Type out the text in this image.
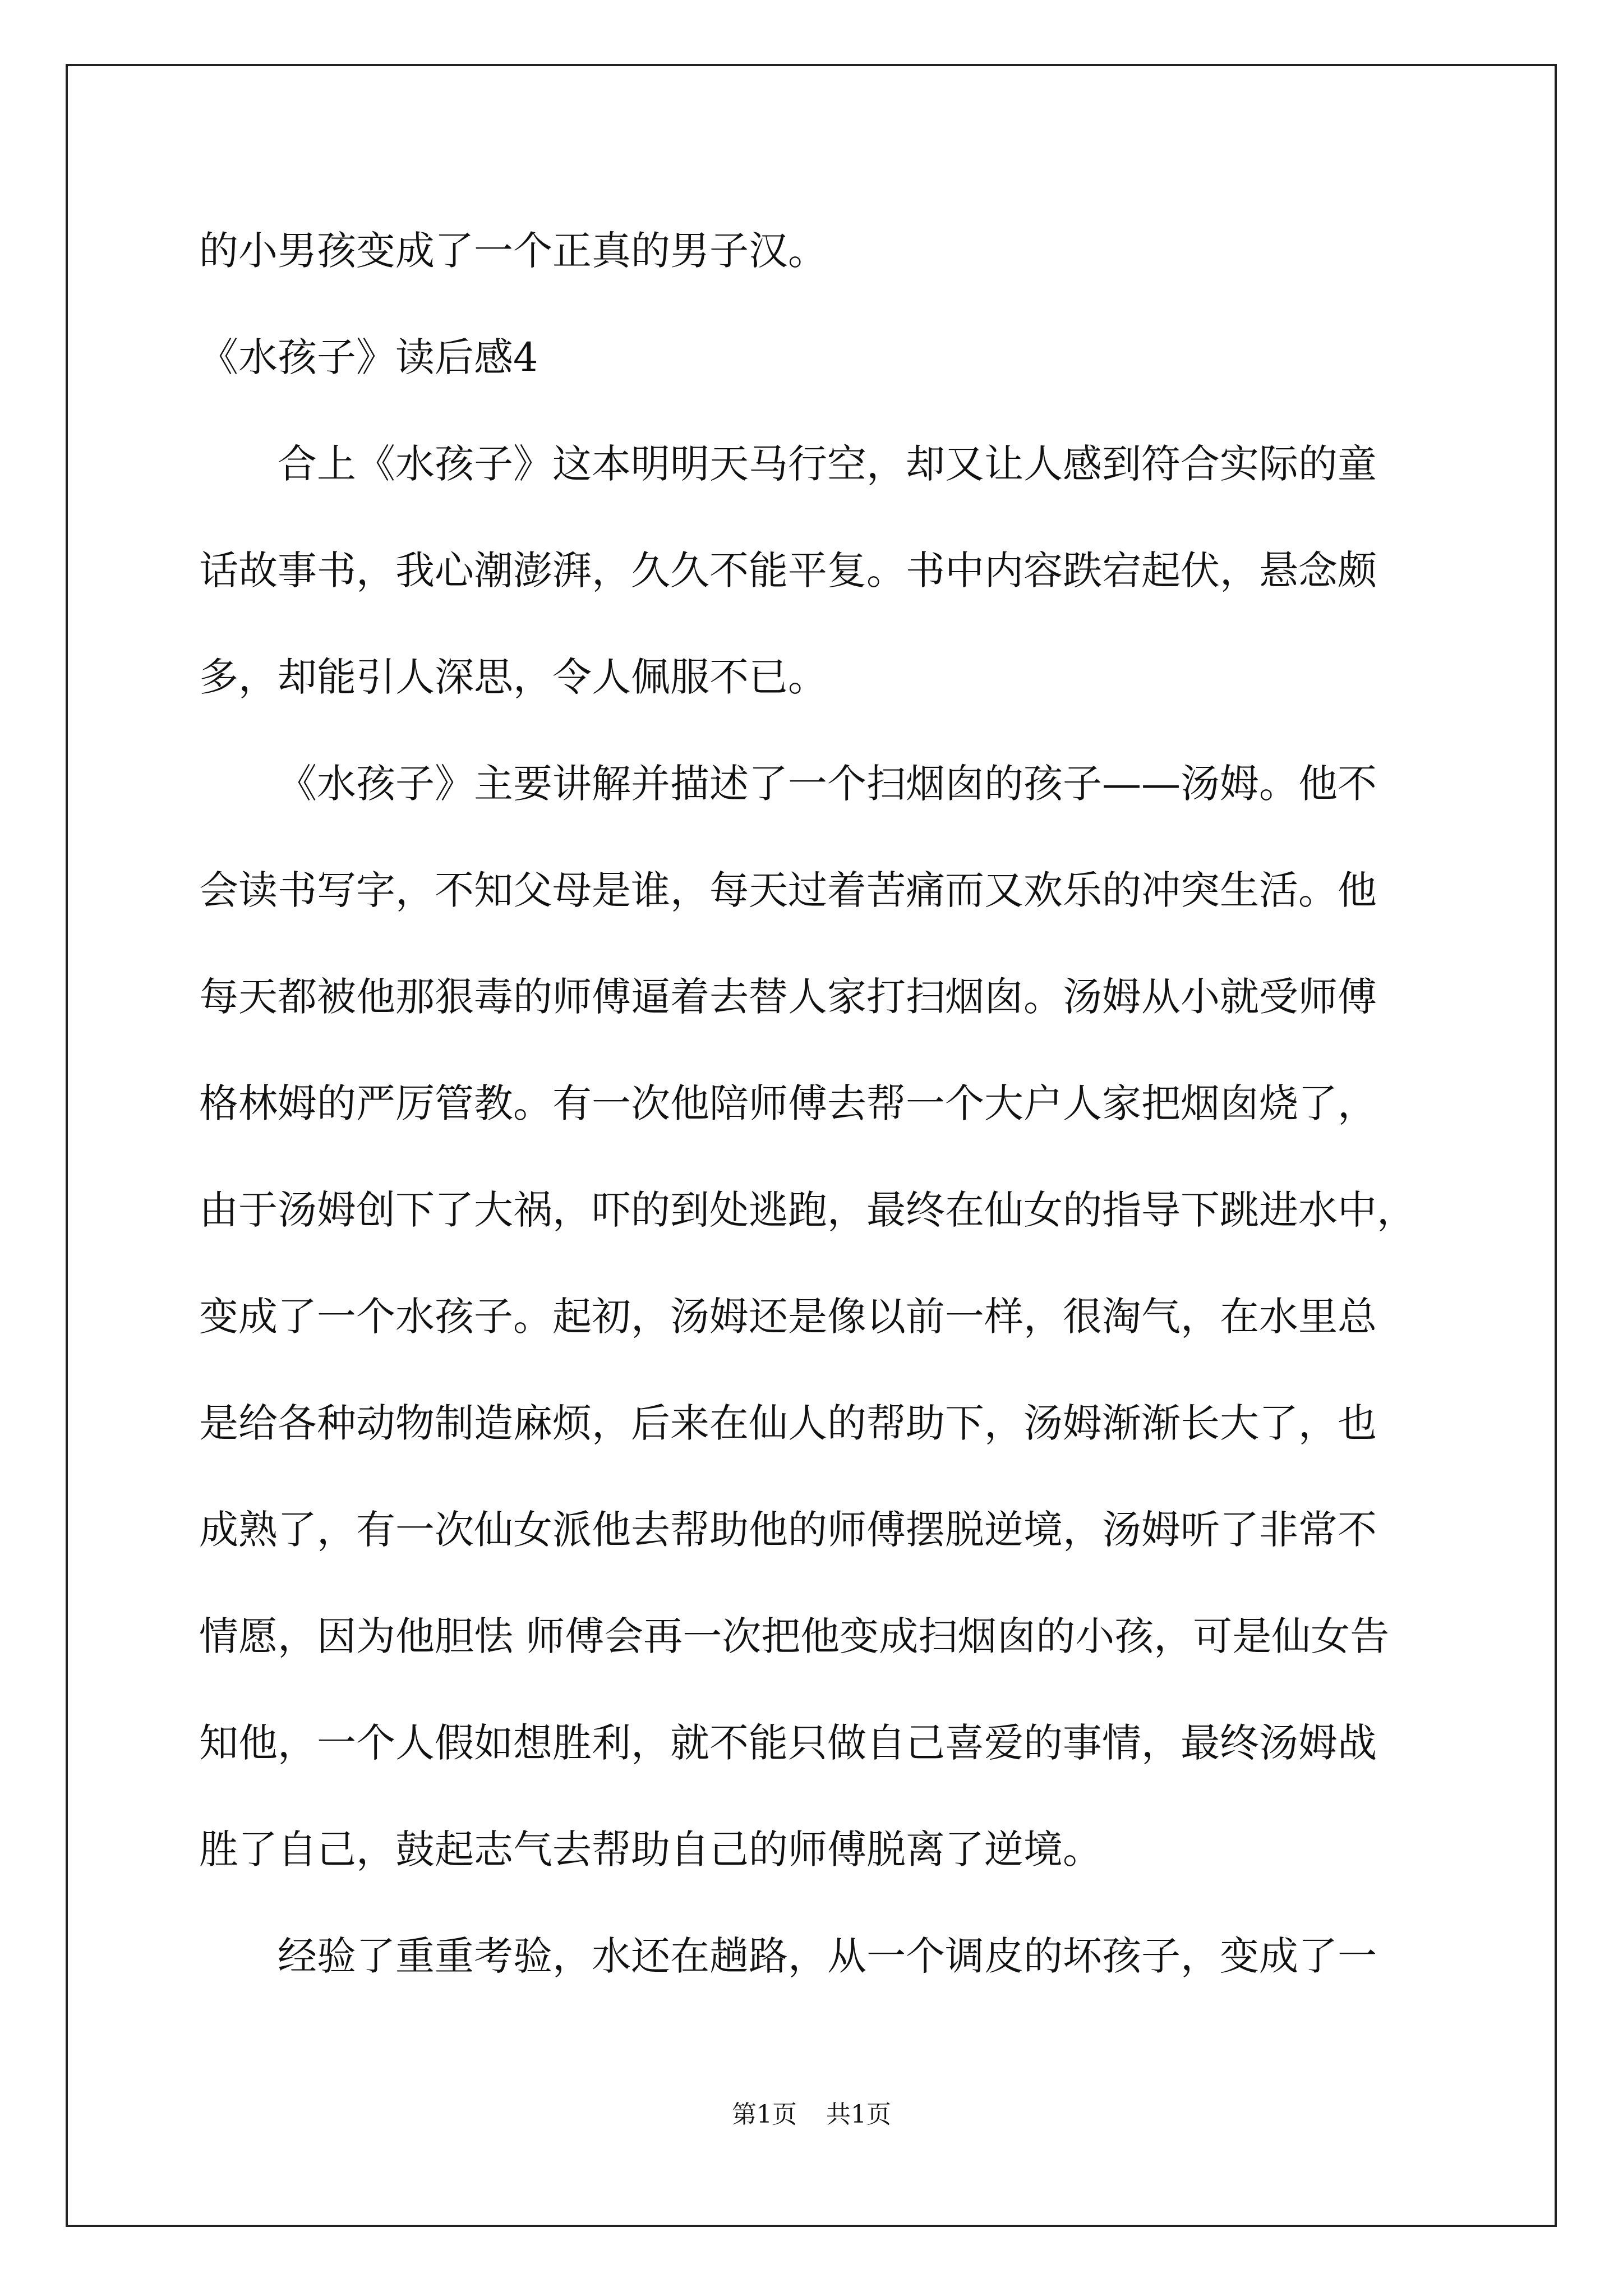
的小男孩变成了一个正真的男子汉。
《水孩子》读后感4
合上《水孩子》这本明明天马行空，却又让人感到符合实际的童
话故事书，我心潮澎湃，久久不能平复。书中内容跌宕起伏，悬念颇
多，却能引人深思，令人佩服不已。
《水孩子》主要讲解并描述了一个扫烟囱的孩子——汤姆。他不
会读书写字，不知父母是谁，每天过着苦痛而又欢乐的冲突生活。他
每天都被他那狠毒的师傅逼着去替人家打扫烟囱。汤姆从小就受师傅
格林姆的严厉管教。有一次他陪师傅去帮一个大户人家把烟囱烧了，
由于汤姆创下了大祸，吓的到处逃跑，最终在仙女的指导下跳进水中，
变成了一个水孩子。起初，汤姆还是像以前一样，很淘气，在水里总
是给各种动物制造麻烦，后来在仙人的帮助下，汤姆渐渐长大了，也
成熟了，有一次仙女派他去帮助他的师傅摆脱逆境，汤姆听了非常不
情愿，因为他胆怯 师傅会再一次把他变成扫烟囱的小孩，可是仙女告
知他，一个人假如想胜利，就不能只做自己喜爱的事情，最终汤姆战
胜了自己，鼓起志气去帮助自己的师傅脱离了逆境。
经验了重重考验，水还在趟路，从一个调皮的坏孩子，变成了一
第1页 共1页
